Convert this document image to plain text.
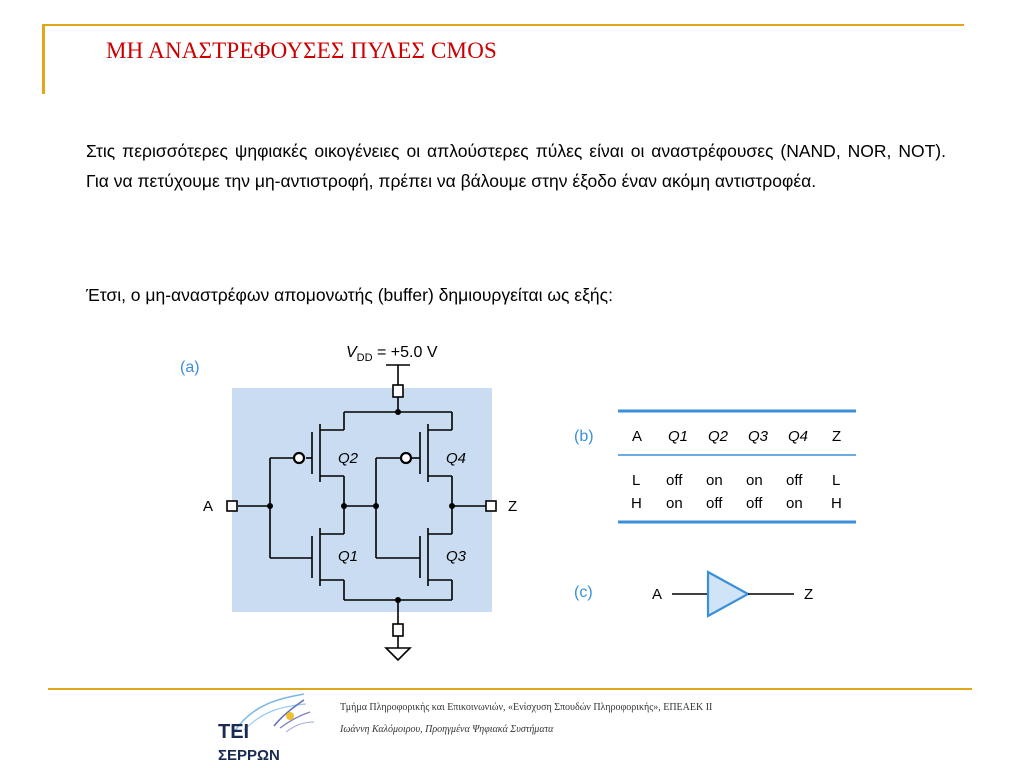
ΜΗ ΑΝΑΣΤΡΕΦΟΥΣΕΣ ΠΥΛΕΣ CMOS
Στις περισσότερες ψηφιακές οικογένειες οι απλούστερες πύλες είναι οι αναστρέφουσες (NAND, NOR, NOT). Για να πετύχουμε την μη-αντιστροφή, πρέπει να βάλουμε στην έξοδο έναν ακόμη αντιστροφέα.
Έτσι, ο μη-αναστρέφων απομονωτής (buffer) δημιουργείται ως εξής:
(a)
$V_{DD} = +5.0$ V
A	Z
Q2	Q4
Q1	Q3
(b)	A Q1 Q2 Q3 Q4 Z
L off on on off L
H on off off on H
(c)	A	Z
ΤΕΙ
ΣΕΡΡΩΝ
Τμήμα Πληροφορικής και Επικοινωνιών, «Ενίσχυση Σπουδών Πληροφορικής», ΕΠΕΑΕΚ ΙΙ
Ιωάννη Καλόμοιρου, Προηγμένα Ψηφιακά Συστήματα
